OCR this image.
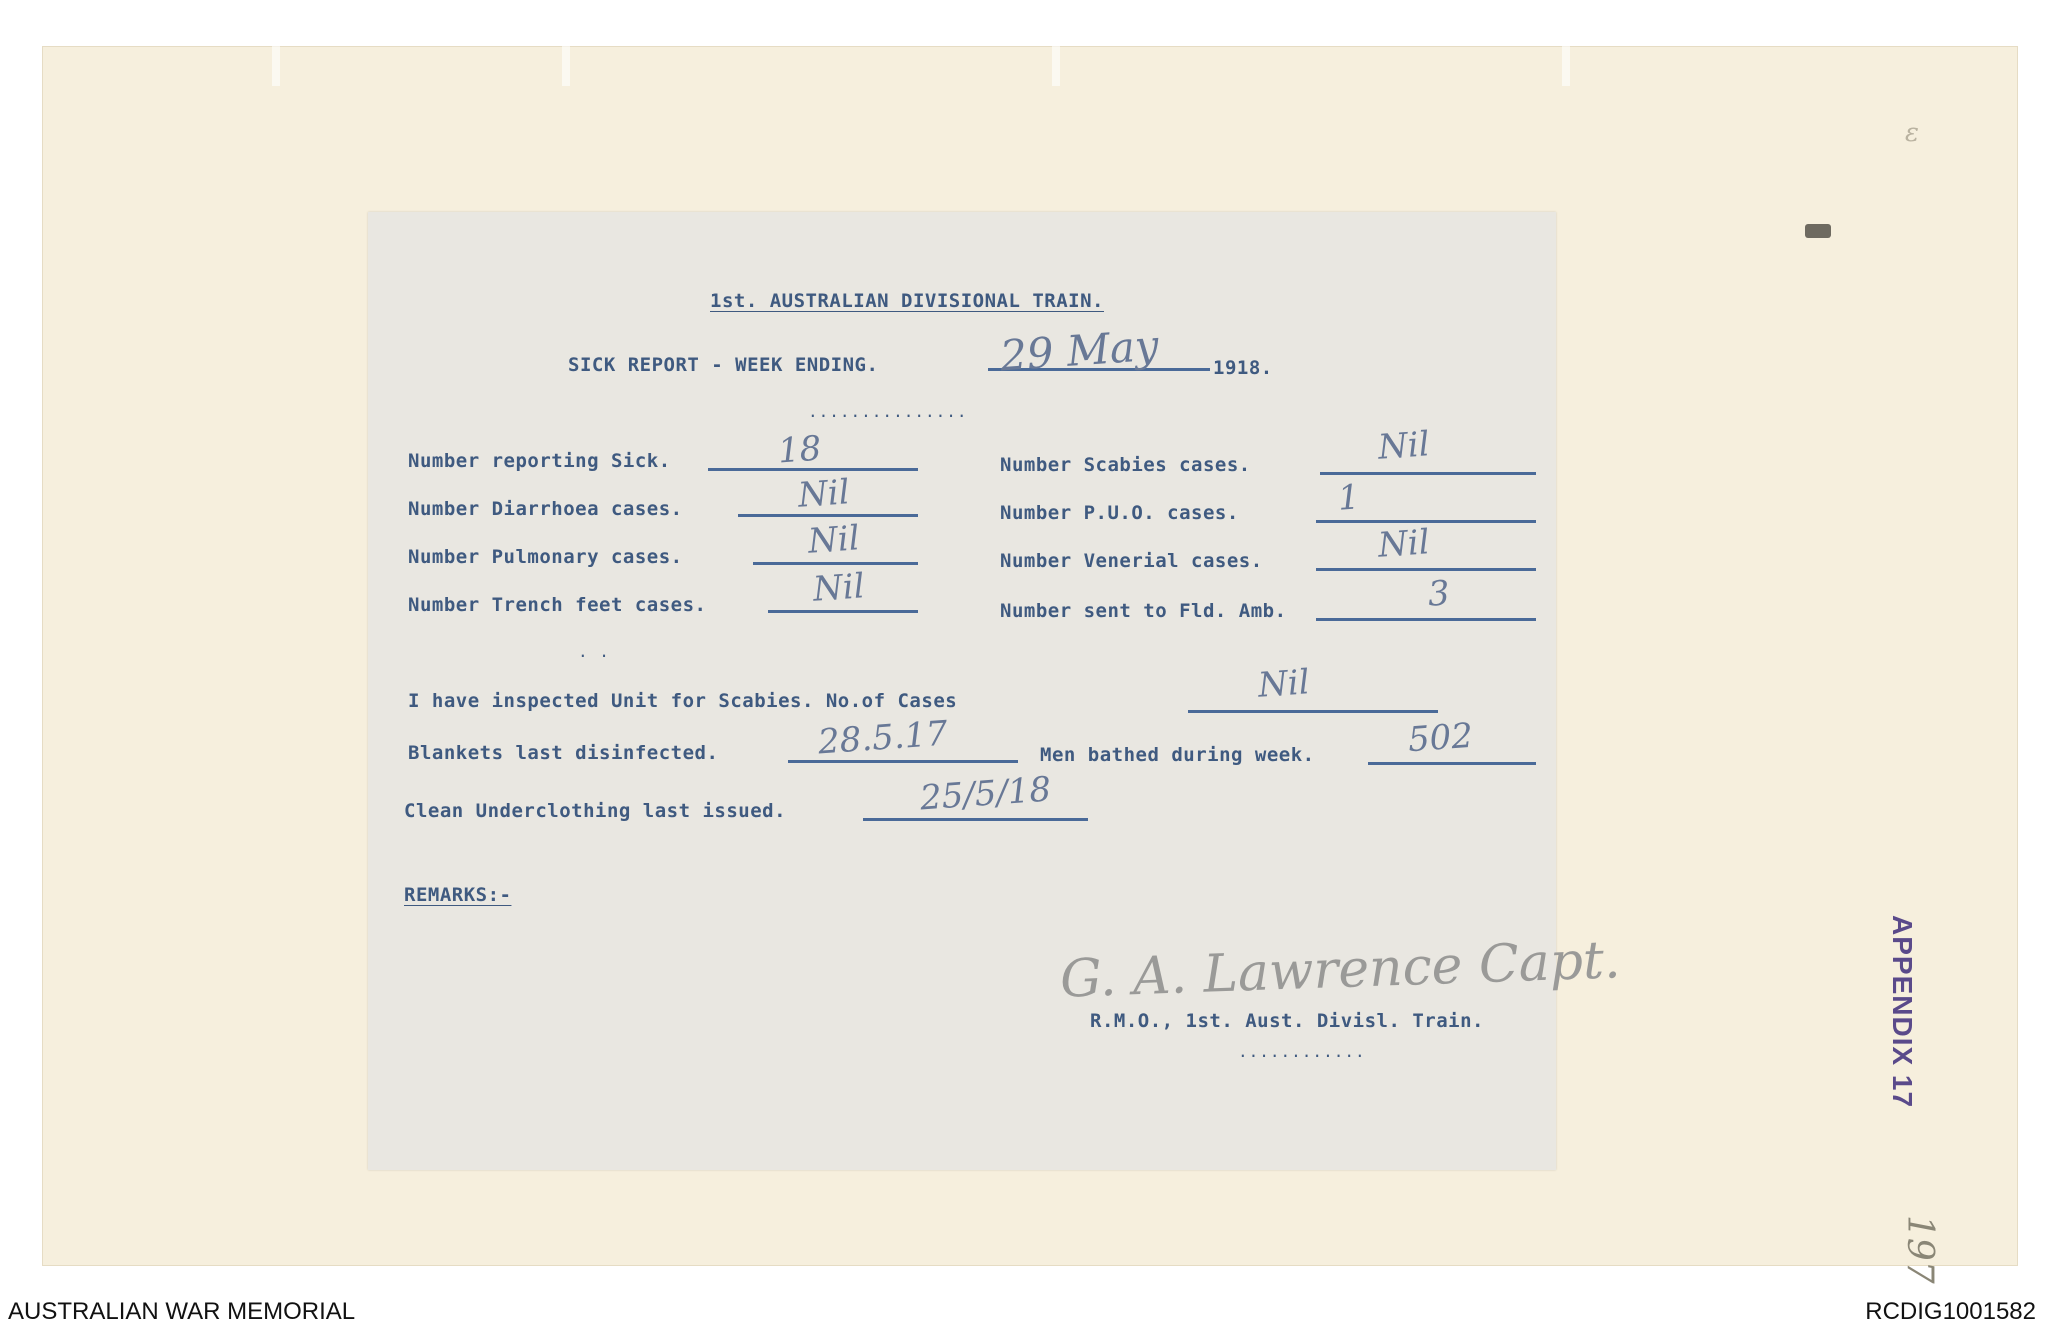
ε
1st. AUSTRALIAN DIVISIONAL TRAIN.
SICK REPORT - WEEK ENDING.	29 May	1918.
...............
Number reporting Sick.	18
Number Diarrhoea cases.	Nil
Number Pulmonary cases.	Nil
Number Trench feet cases.	Nil
Number Scabies cases.	Nil
Number P.U.O. cases.	1
Number Venerial cases.	Nil
Number sent to Fld. Amb.	3
. .
I have inspected Unit for Scabies. No.of Cases	Nil
Blankets last disinfected.	28.5.17	Men bathed during week.	502
Clean Underclothing last issued.	25/5/18
REMARKS:-
R.M.O., 1st. Aust. Divisl. Train.
............
G. A. Lawrence Capt.	APPENDIX 17
197
AUSTRALIAN WAR MEMORIAL	RCDIG1001582
